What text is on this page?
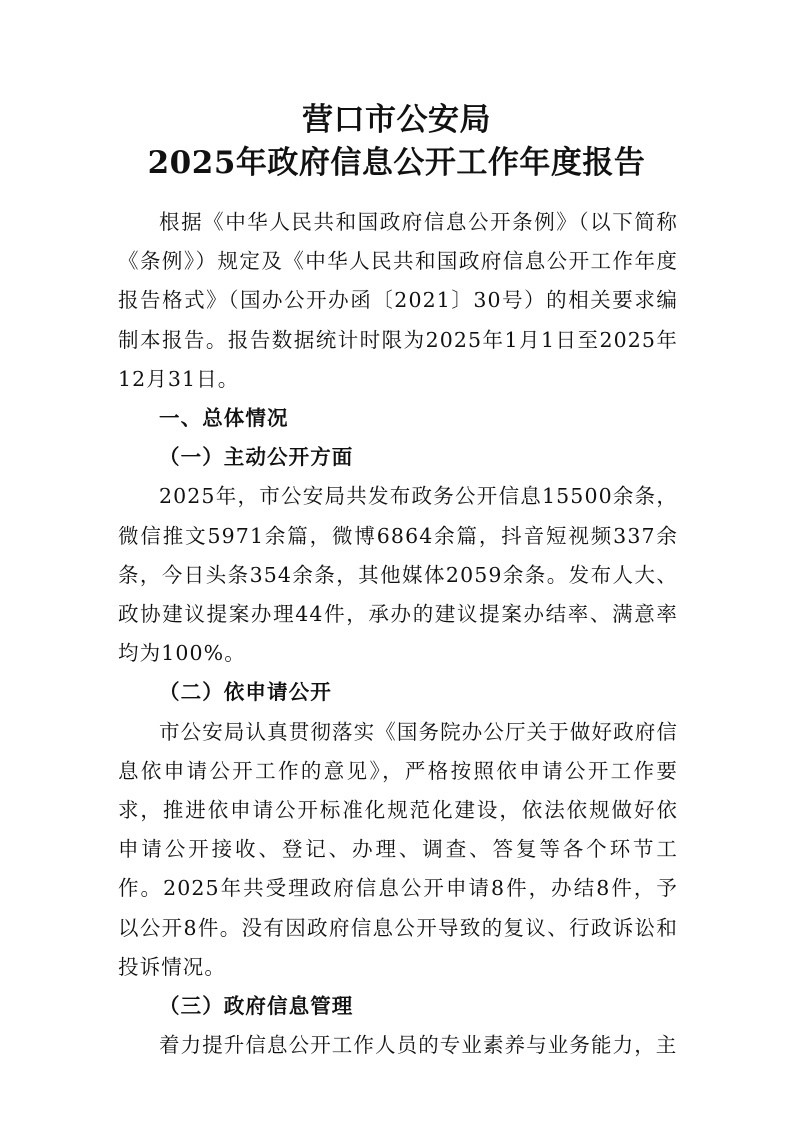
营口市公安局
2025年政府信息公开工作年度报告

根据《中华人民共和国政府信息公开条例》（以下简称《条例》）规定及《中华人民共和国政府信息公开工作年度报告格式》（国办公开办函〔2021〕30号）的相关要求编制本报告。报告数据统计时限为2025年1月1日至2025年12月31日。

一、总体情况

（一）主动公开方面

2025年，市公安局共发布政务公开信息15500余条，微信推文5971余篇，微博6864余篇，抖音短视频337余条，今日头条354余条，其他媒体2059余条。发布人大、政协建议提案办理44件，承办的建议提案办结率、满意率均为100%。

（二）依申请公开

市公安局认真贯彻落实《国务院办公厅关于做好政府信息依申请公开工作的意见》，严格按照依申请公开工作要求，推进依申请公开标准化规范化建设，依法依规做好依申请公开接收、登记、办理、调查、答复等各个环节工作。2025年共受理政府信息公开申请8件，办结8件，予以公开8件。没有因政府信息公开导致的复议、行政诉讼和投诉情况。

（三）政府信息管理

着力提升信息公开工作人员的专业素养与业务能力，主
